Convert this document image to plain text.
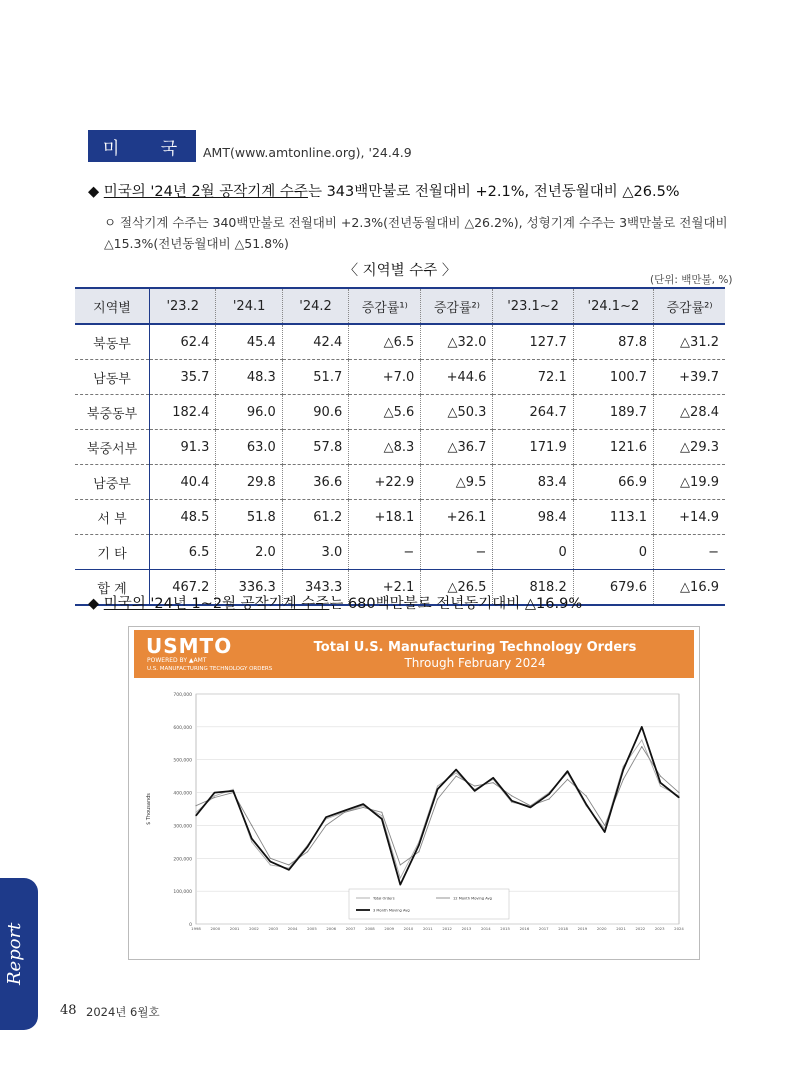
미 국 AMT(www.amtonline.org), '24.4.9
◆ 미국의 '24년 2월 공작기계 수주는 343백만불로 전월대비 +2.1%, 전년동월대비 △26.5%
ㅇ 절삭기계 수주는 340백만불로 전월대비 +2.3%(전년동월대비 △26.2%), 성형기계 수주는 3백만불로 전월대비 △15.3%(전년동월대비 △51.8%)
〈 지역별 수주 〉
(단위: 백만불, %)
지역별	'23.2	'24.1	'24.2	증감률¹⁾	증감률²⁾	'23.1~2	'24.1~2	증감률²⁾
북동부	62.4	45.4	42.4	△6.5	△32.0	127.7	87.8	△31.2
남동부	35.7	48.3	51.7	+7.0	+44.6	72.1	100.7	+39.7
북중동부	182.4	96.0	90.6	△5.6	△50.3	264.7	189.7	△28.4
북중서부	91.3	63.0	57.8	△8.3	△36.7	171.9	121.6	△29.3
남중부	40.4	29.8	36.6	+22.9	△9.5	83.4	66.9	△19.9
서 부	48.5	51.8	61.2	+18.1	+26.1	98.4	113.1	+14.9
기 타	6.5	2.0	3.0	−	−	0	0	−
합 계	467.2	336.3	343.3	+2.1	△26.5	818.2	679.6	△16.9
◆ 미국의 '24년 1~2월 공작기계 수주는 680백만불로 전년동기대비 △16.9%
USMTO
POWERED BY ▲AMT
U.S. MANUFACTURING TECHNOLOGY ORDERS
Total U.S. Manufacturing Technology Orders
Through February 2024
0
100,000
200,000
300,000
400,000
500,000
600,000
700,000
1998	2000	2001	2002	2003	2004	2005	2006	2007	2008	2009	2010	2011	2012	2013	2014	2015	2016	2017	2018	2019	2020	2021	2022	2023	2024
$ Thousands
Total Orders	12 Month Moving Avg
3 Month Moving Avg
Report
48 2024년 6월호
